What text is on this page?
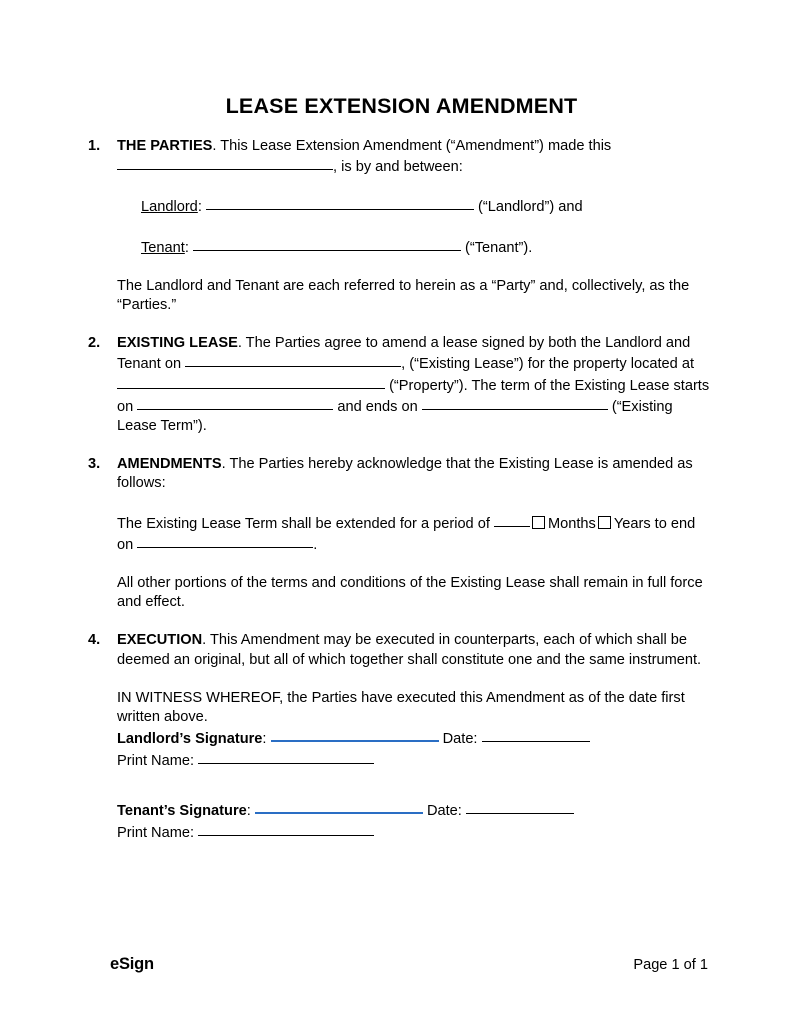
LEASE EXTENSION AMENDMENT
1. THE PARTIES. This Lease Extension Amendment (“Amendment”) made this , is by and between:
Landlord:	(“Landlord”) and
Tenant:	(“Tenant”).
The Landlord and Tenant are each referred to herein as a “Party” and, collectively, as the “Parties.”
2. EXISTING LEASE. The Parties agree to amend a lease signed by both the Landlord and Tenant on	, (“Existing Lease”) for the property located at  (“Property”). The term of the Existing Lease starts on	and ends on	(“Existing Lease Term”).
3. AMENDMENTS. The Parties hereby acknowledge that the Existing Lease is amended as follows:
The Existing Lease Term shall be extended for a period of	Months Years to end on	.
All other portions of the terms and conditions of the Existing Lease shall remain in full force and effect.
4. EXECUTION. This Amendment may be executed in counterparts, each of which shall be deemed an original, but all of which together shall constitute one and the same instrument.
IN WITNESS WHEREOF, the Parties have executed this Amendment as of the date first written above.
Landlord’s Signature:	Date:
Print Name:
Tenant’s Signature:	Date:
Print Name:
eSign	Page 1 of 1
